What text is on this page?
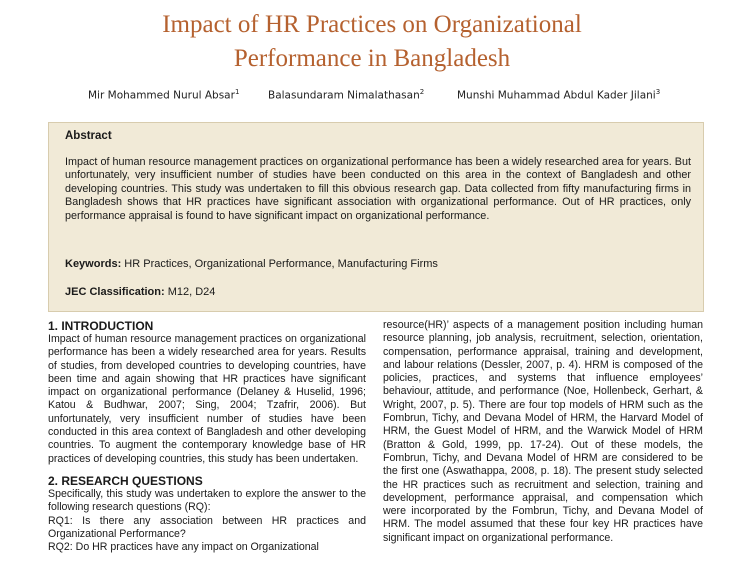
Impact of HR Practices on Organizational
Performance in Bangladesh
Mir Mohammed Nurul Absar$^1$	Balasundaram Nimalathasan$^2$	Munshi Muhammad Abdul Kader Jilani$^3$
Abstract
Impact of human resource management practices on organizational performance has been a widely researched area for years. But unfortunately, very insufficient number of studies have been conducted on this area in the context of Bangladesh and other developing countries. This study was undertaken to fill this obvious research gap. Data collected from fifty manufacturing firms in Bangladesh shows that HR practices have significant association with organizational performance. Out of HR practices, only performance appraisal is found to have significant impact on organizational performance.
Keywords: HR Practices, Organizational Performance, Manufacturing Firms
JEC Classification: M12, D24
1. INTRODUCTION

Impact of human resource management practices on organizational performance has been a widely researched area for years. Results of studies, from developed countries to developing countries, have been time and again showing that HR practices have significant impact on organizational performance (Delaney & Huselid, 1996; Katou & Budhwar, 2007; Sing, 2004; Tzafrir, 2006). But unfortunately, very insufficient number of studies have been conducted in this area context of Bangladesh and other developing countries. To augment the contemporary knowledge base of HR practices of developing countries, this study has been undertaken.

2. RESEARCH QUESTIONS

Specifically, this study was undertaken to explore the answer to the following research questions (RQ):

RQ1: Is there any association between HR practices and Organizational Performance?

RQ2: Do HR practices have any impact on Organizational

resource(HR)’ aspects of a management position including human resource planning, job analysis, recruitment, selection, orientation, compensation, performance appraisal, training and development, and labour relations (Dessler, 2007, p. 4). HRM is composed of the policies, practices, and systems that influence employees’ behaviour, attitude, and performance (Noe, Hollenbeck, Gerhart, & Wright, 2007, p. 5). There are four top models of HRM such as the Fombrun, Tichy, and Devana Model of HRM, the Harvard Model of HRM, the Guest Model of HRM, and the Warwick Model of HRM (Bratton & Gold, 1999, pp. 17-24). Out of these models, the Fombrun, Tichy, and Devana Model of HRM are considered to be the first one (Aswathappa, 2008, p. 18). The present study selected the HR practices such as recruitment and selection, training and development, performance appraisal, and compensation which were incorporated by the Fombrun, Tichy, and Devana Model of HRM. The model assumed that these four key HR practices have significant impact on organizational performance.
